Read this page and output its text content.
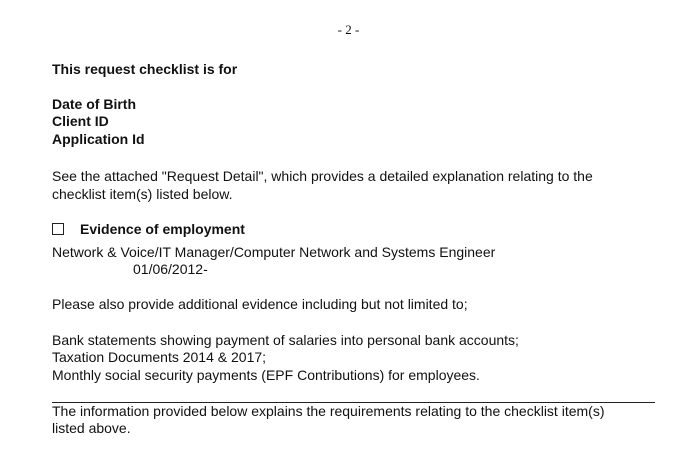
- 2 -
This request checklist is for
Date of Birth
Client ID
Application Id
See the attached "Request Detail", which provides a detailed explanation relating to the
checklist item(s) listed below.
Evidence of employment
Network & Voice/IT Manager/Computer Network and Systems Engineer
01/06/2012-
Please also provide additional evidence including but not limited to;
Bank statements showing payment of salaries into personal bank accounts;
Taxation Documents 2014 & 2017;
Monthly social security payments (EPF Contributions) for employees.
The information provided below explains the requirements relating to the checklist item(s)
listed above.
